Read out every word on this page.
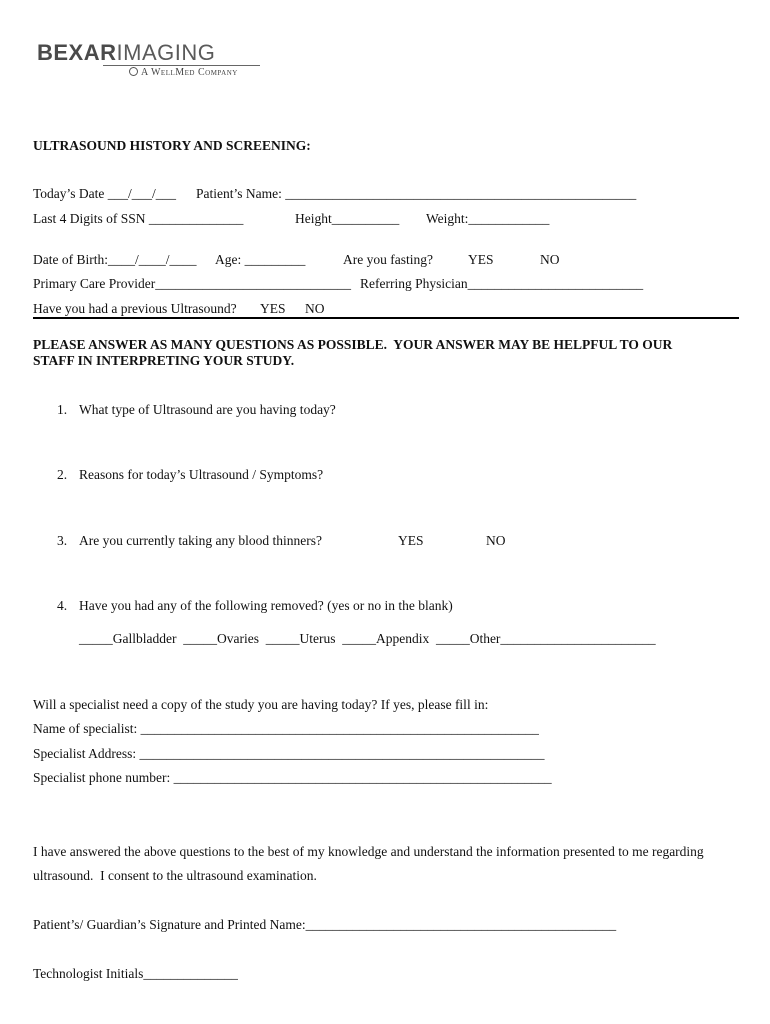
BEXARIMAGING
A WellMed Company
ULTRASOUND HISTORY AND SCREENING:
Today’s Date ___/___/___ Patient’s Name: ____________________________________________________
Last 4 Digits of SSN ______________	Height__________ Weight:____________
Date of Birth:____/____/____ Age: _________	Are you fasting?	YES	NO
Primary Care Provider_____________________________ Referring Physician__________________________
Have you had a previous Ultrasound? YES NO
PLEASE ANSWER AS MANY QUESTIONS AS POSSIBLE.  YOUR ANSWER MAY BE HELPFUL TO OUR
STAFF IN INTERPRETING YOUR STUDY.
1. What type of Ultrasound are you having today?
2. Reasons for today’s Ultrasound / Symptoms?
3. Are you currently taking any blood thinners?	YES	NO
4. Have you had any of the following removed? (yes or no in the blank)
_____Gallbladder  _____Ovaries  _____Uterus  _____Appendix  _____Other_______________________
Will a specialist need a copy of the study you are having today? If yes, please fill in:
Name of specialist: ___________________________________________________________
Specialist Address: ____________________________________________________________
Specialist phone number: ________________________________________________________
I have answered the above questions to the best of my knowledge and understand the information presented to me regarding
ultrasound.  I consent to the ultrasound examination.
Patient’s/ Guardian’s Signature and Printed Name:______________________________________________
Technologist Initials______________
